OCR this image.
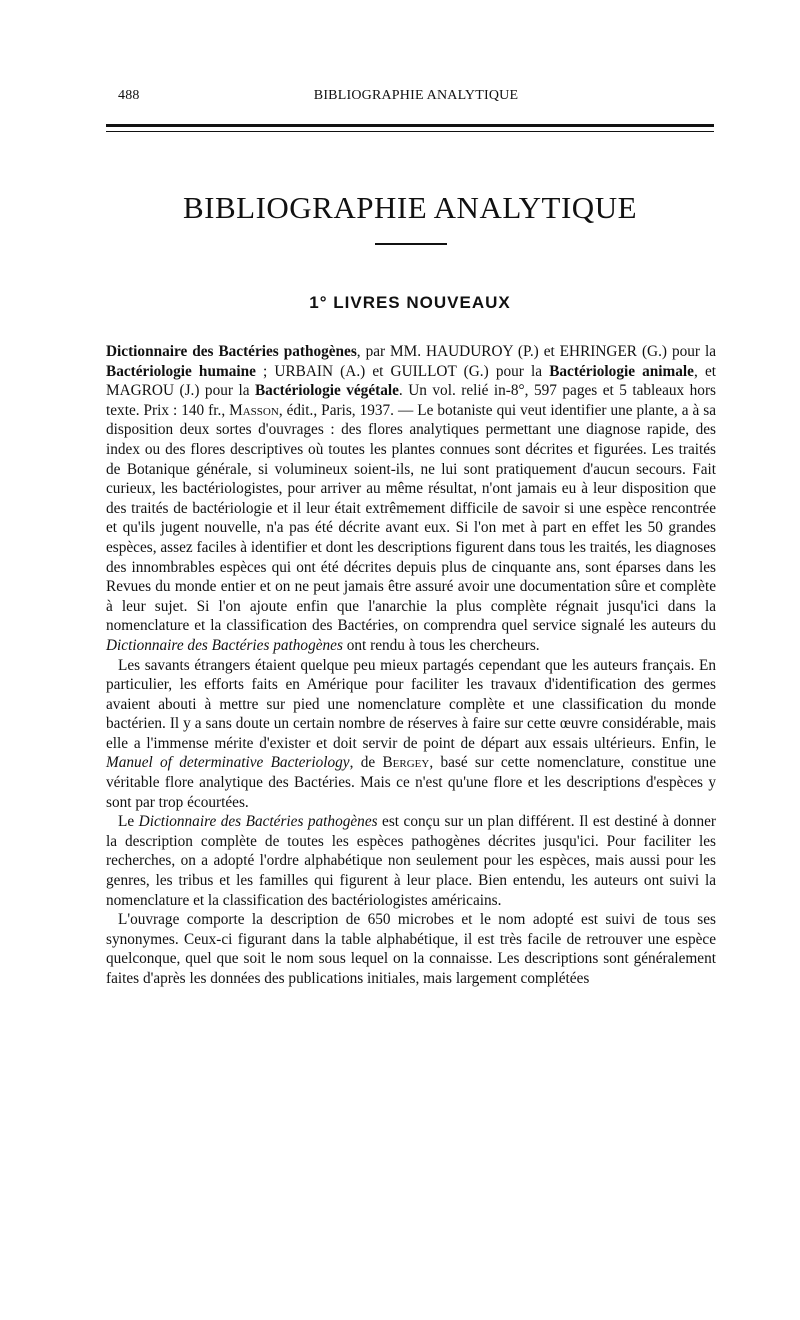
488	BIBLIOGRAPHIE ANALYTIQUE
BIBLIOGRAPHIE ANALYTIQUE
1° LIVRES NOUVEAUX

Dictionnaire des Bactéries pathogènes, par MM. HAUDUROY (P.) et EHRINGER (G.) pour la Bactériologie humaine ; URBAIN (A.) et GUILLOT (G.) pour la Bactériologie animale, et MAGROU (J.) pour la Bactériologie végétale. Un vol. relié in-8°, 597 pages et 5 tableaux hors texte. Prix : 140 fr., Masson, édit., Paris, 1937. — Le botaniste qui veut identifier une plante, a à sa disposition deux sortes d'ouvrages : des flores analytiques permettant une diagnose rapide, des index ou des flores descriptives où toutes les plantes connues sont décrites et figurées. Les traités de Botanique générale, si volumineux soient-ils, ne lui sont pratiquement d'aucun secours. Fait curieux, les bactériologistes, pour arriver au même résultat, n'ont jamais eu à leur disposition que des traités de bactériologie et il leur était extrêmement difficile de savoir si une espèce rencontrée et qu'ils jugent nouvelle, n'a pas été décrite avant eux. Si l'on met à part en effet les 50 grandes espèces, assez faciles à identifier et dont les descriptions figurent dans tous les traités, les diagnoses des innombrables espèces qui ont été décrites depuis plus de cinquante ans, sont éparses dans les Revues du monde entier et on ne peut jamais être assuré avoir une documentation sûre et complète à leur sujet. Si l'on ajoute enfin que l'anarchie la plus complète régnait jusqu'ici dans la nomenclature et la classification des Bactéries, on comprendra quel service signalé les auteurs du Dictionnaire des Bactéries pathogènes ont rendu à tous les chercheurs.

Les savants étrangers étaient quelque peu mieux partagés cependant que les auteurs français. En particulier, les efforts faits en Amérique pour faciliter les travaux d'identification des germes avaient abouti à mettre sur pied une nomenclature complète et une classification du monde bactérien. Il y a sans doute un certain nombre de réserves à faire sur cette œuvre considérable, mais elle a l'immense mérite d'exister et doit servir de point de départ aux essais ultérieurs. Enfin, le Manuel of determinative Bacteriology, de Bergey, basé sur cette nomenclature, constitue une véritable flore analytique des Bactéries. Mais ce n'est qu'une flore et les descriptions d'espèces y sont par trop écourtées.

Le Dictionnaire des Bactéries pathogènes est conçu sur un plan différent. Il est destiné à donner la description complète de toutes les espèces pathogènes décrites jusqu'ici. Pour faciliter les recherches, on a adopté l'ordre alphabétique non seulement pour les espèces, mais aussi pour les genres, les tribus et les familles qui figurent à leur place. Bien entendu, les auteurs ont suivi la nomenclature et la classification des bactériologistes américains.

L'ouvrage comporte la description de 650 microbes et le nom adopté est suivi de tous ses synonymes. Ceux-ci figurant dans la table alphabétique, il est très facile de retrouver une espèce quelconque, quel que soit le nom sous lequel on la connaisse. Les descriptions sont généralement faites d'après les données des publications initiales, mais largement complétées
